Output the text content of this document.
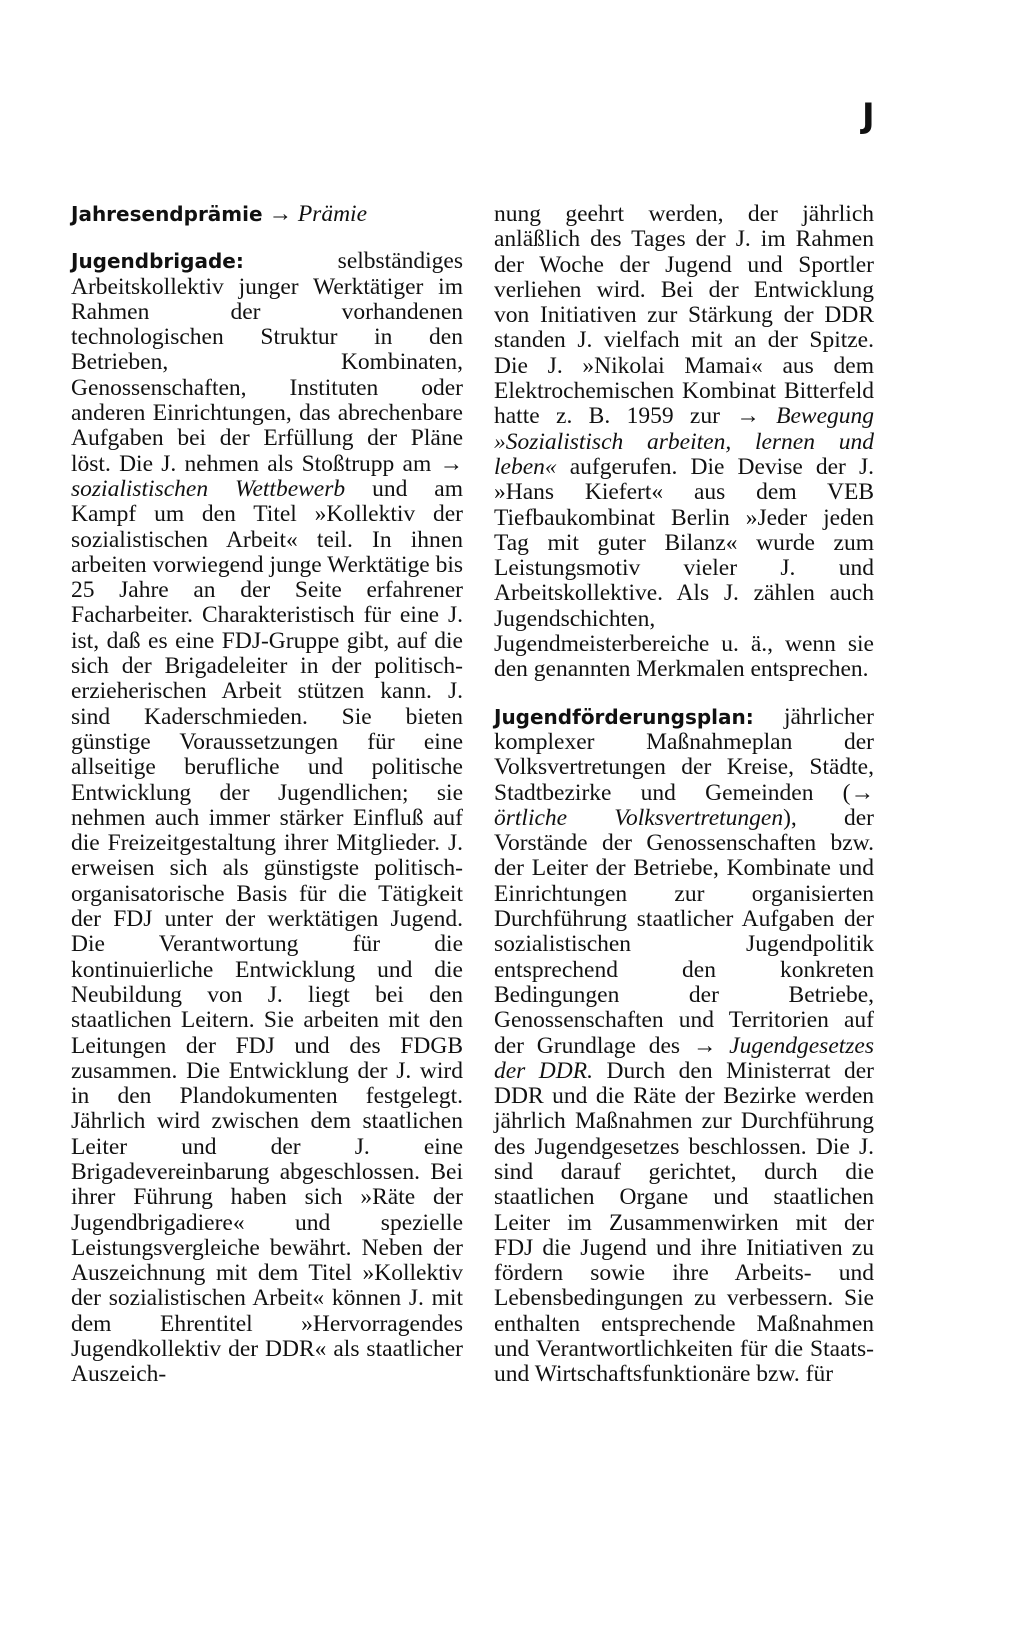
J

Jahresendprämie → Prämie

Jugendbrigade:	selbständiges Arbeitskollektiv junger Werktätiger im Rahmen der vorhandenen technologischen Struktur in den Betrieben, Kombinaten, Genossenschaften, Instituten oder anderen Einrichtungen, das abrechenbare Aufgaben bei der Erfüllung der Pläne löst. Die J. nehmen als Stoßtrupp am → sozialistischen Wettbewerb und am Kampf um den Titel »Kollektiv der sozialistischen Arbeit« teil. In ihnen arbeiten vorwiegend junge Werktätige bis 25 Jahre an der Seite erfahrener Facharbeiter. Charakteristisch für eine J. ist, daß es eine FDJ-Gruppe gibt, auf die sich der Brigadeleiter in der politisch-erzieherischen Arbeit stützen kann. J. sind Kaderschmieden. Sie bieten günstige Voraussetzungen für eine allseitige berufliche und politische Entwicklung der Jugendlichen; sie nehmen auch immer stärker Einfluß auf die Freizeitgestaltung ihrer Mitglieder. J. erweisen sich als günstigste politisch-organisatorische Basis für die Tätigkeit der FDJ unter der werktätigen Jugend. Die Verantwortung für die kontinuierliche Entwicklung und die Neubildung von J. liegt bei den staatlichen Leitern. Sie arbeiten mit den Leitungen der FDJ und des FDGB zusammen. Die Entwicklung der J. wird in den Plandokumenten festgelegt. Jährlich wird zwischen dem staatlichen Leiter und der J. eine Brigadevereinbarung abgeschlossen. Bei ihrer Führung haben sich »Räte der Jugendbrigadiere« und spezielle Leistungsvergleiche bewährt. Neben der Auszeichnung mit dem Titel »Kollektiv der sozialistischen Arbeit« können J. mit dem Ehrentitel »Hervorragendes Jugendkollektiv der DDR« als staatlicher Auszeich-

nung geehrt werden, der jährlich anläßlich des Tages der J. im Rahmen der Woche der Jugend und Sportler verliehen wird. Bei der Entwicklung von Initiativen zur Stärkung der DDR standen J. vielfach mit an der Spitze. Die J. »Nikolai Mamai« aus dem Elektrochemischen Kombinat Bitterfeld hatte z. B. 1959 zur → Bewegung »Sozialistisch arbeiten, lernen und leben« aufgerufen. Die Devise der J. »Hans Kiefert« aus dem VEB Tiefbaukombinat Berlin »Jeder jeden Tag mit guter Bilanz« wurde zum Leistungsmotiv vieler J. und Arbeitskollektive. Als J. zählen auch Jugendschichten, Jugendmeisterbereiche u. ä., wenn sie den genannten Merkmalen entsprechen.

Jugendförderungsplan: jährlicher komplexer Maßnahmeplan der Volksvertretungen der Kreise, Städte, Stadtbezirke und Gemeinden (→ örtliche Volksvertretungen), der Vorstände der Genossenschaften bzw. der Leiter der Betriebe, Kombinate und Einrichtungen zur organisierten Durchführung staatlicher Aufgaben der sozialistischen Jugendpolitik entsprechend den konkreten Bedingungen der Betriebe, Genossenschaften und Territorien auf der Grundlage des → Jugendgesetzes der DDR. Durch den Ministerrat der DDR und die Räte der Bezirke werden jährlich Maßnahmen zur Durchführung des Jugendgesetzes beschlossen. Die J. sind darauf gerichtet, durch die staatlichen Organe und staatlichen Leiter im Zusammenwirken mit der FDJ die Jugend und ihre Initiativen zu fördern sowie ihre Arbeits- und Lebensbedingungen zu verbessern. Sie enthalten entsprechende Maßnahmen und Verantwortlichkeiten für die Staats- und Wirtschaftsfunktionäre bzw. für
